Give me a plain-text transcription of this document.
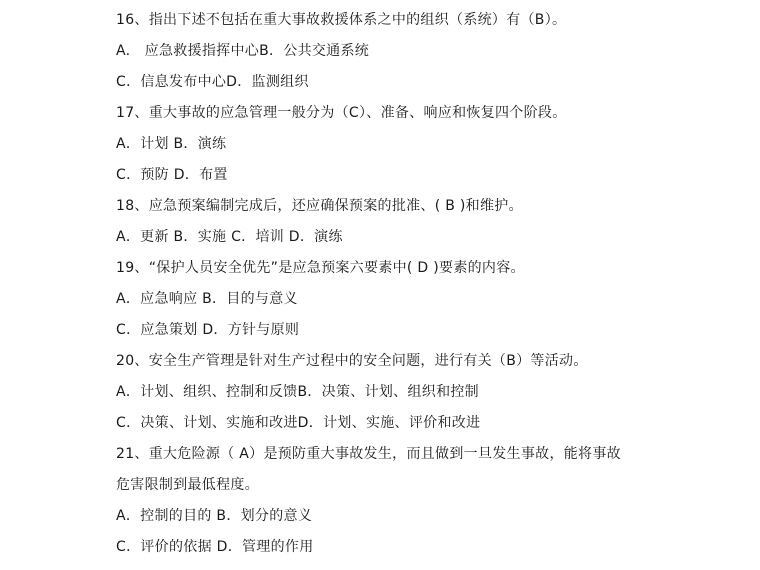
16、指出下述不包括在重大事故救援体系之中的组织（系统）有（B）。
A.　应急救援指挥中心B．公共交通系统
C．信息发布中心D．监测组织
17、重大事故的应急管理一般分为（C）、准备、响应和恢复四个阶段。
A．计划 B．演练
C．预防 D．布置
18、应急预案编制完成后，还应确保预案的批准、( B )和维护。
A．更新 B．实施 C．培训 D．演练
19、“保护人员安全优先”是应急预案六要素中( D )要素的内容。
A．应急响应 B．目的与意义
C．应急策划 D．方针与原则
20、安全生产管理是针对生产过程中的安全问题，进行有关（B）等活动。
A．计划、组织、控制和反馈B．决策、计划、组织和控制
C．决策、计划、实施和改进D．计划、实施、评价和改进
21、重大危险源（ A）是预防重大事故发生，而且做到一旦发生事故，能将事故
危害限制到最低程度。
A．控制的目的 B．划分的意义
C．评价的依据 D．管理的作用
